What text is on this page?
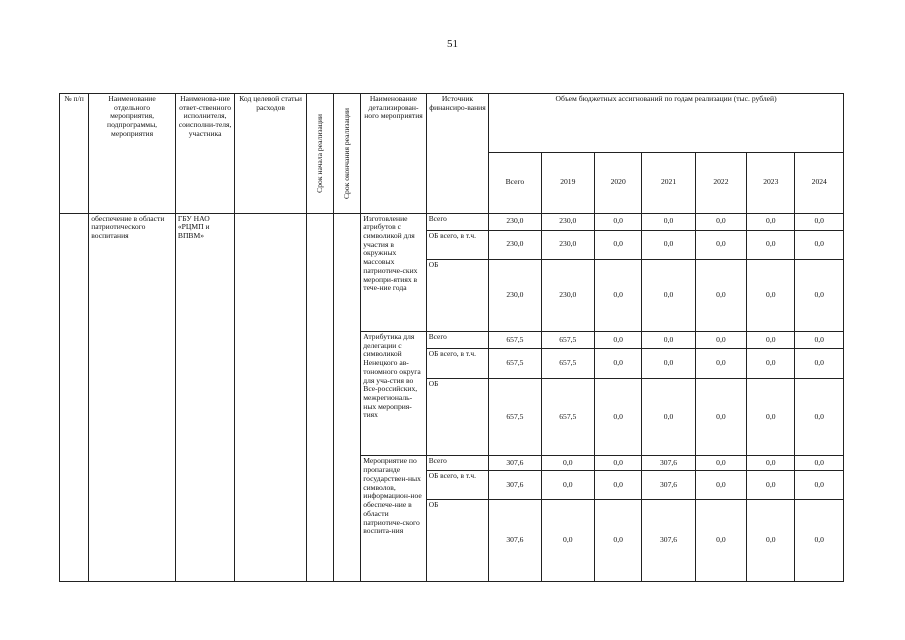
51
№ п/п	Наименование отдельного мероприятия, подпрограммы, мероприятия	Наименова-ние ответ-ственного исполнителя, соисполни-теля, участника	Код целевой статьи расходов	Срок начала реализации	Срок окончания реализации	Наименование детализирован-ного мероприятия	Источник финансиро-вания	Объем бюджетных ассигнований по годам реализации (тыс. рублей)						
								Всего	2019	2020	2021	2022	2023	2024
	обеспечение в области патриотического воспитания	ГБУ НАО «РЦМП и ВПВМ»				Изготовление атрибутов с символикой для участия в окружных массовых патриотиче-ских меропри-ятиях в тече-ние года	Всего	230,0	230,0	0,0	0,0	0,0	0,0	0,0
							ОБ всего, в т.ч.	230,0	230,0	0,0	0,0	0,0	0,0	0,0
							ОБ	230,0	230,0	0,0	0,0	0,0	0,0	0,0
						Атрибутика для делегации с символикой Ненецкого ав-тономного округа для уча-стия во Все-российских, межрегиональ-ных мероприя-тиях	Всего	657,5	657,5	0,0	0,0	0,0	0,0	0,0
							ОБ всего, в т.ч.	657,5	657,5	0,0	0,0	0,0	0,0	0,0
							ОБ	657,5	657,5	0,0	0,0	0,0	0,0	0,0
						Мероприятие по пропаганде государствен-ных символов, информацион-ное обеспече-ние в области патриотиче-ского воспита-ния	Всего	307,6	0,0	0,0	307,6	0,0	0,0	0,0
							ОБ всего, в т.ч.	307,6	0,0	0,0	307,6	0,0	0,0	0,0
							ОБ	307,6	0,0	0,0	307,6	0,0	0,0	0,0
